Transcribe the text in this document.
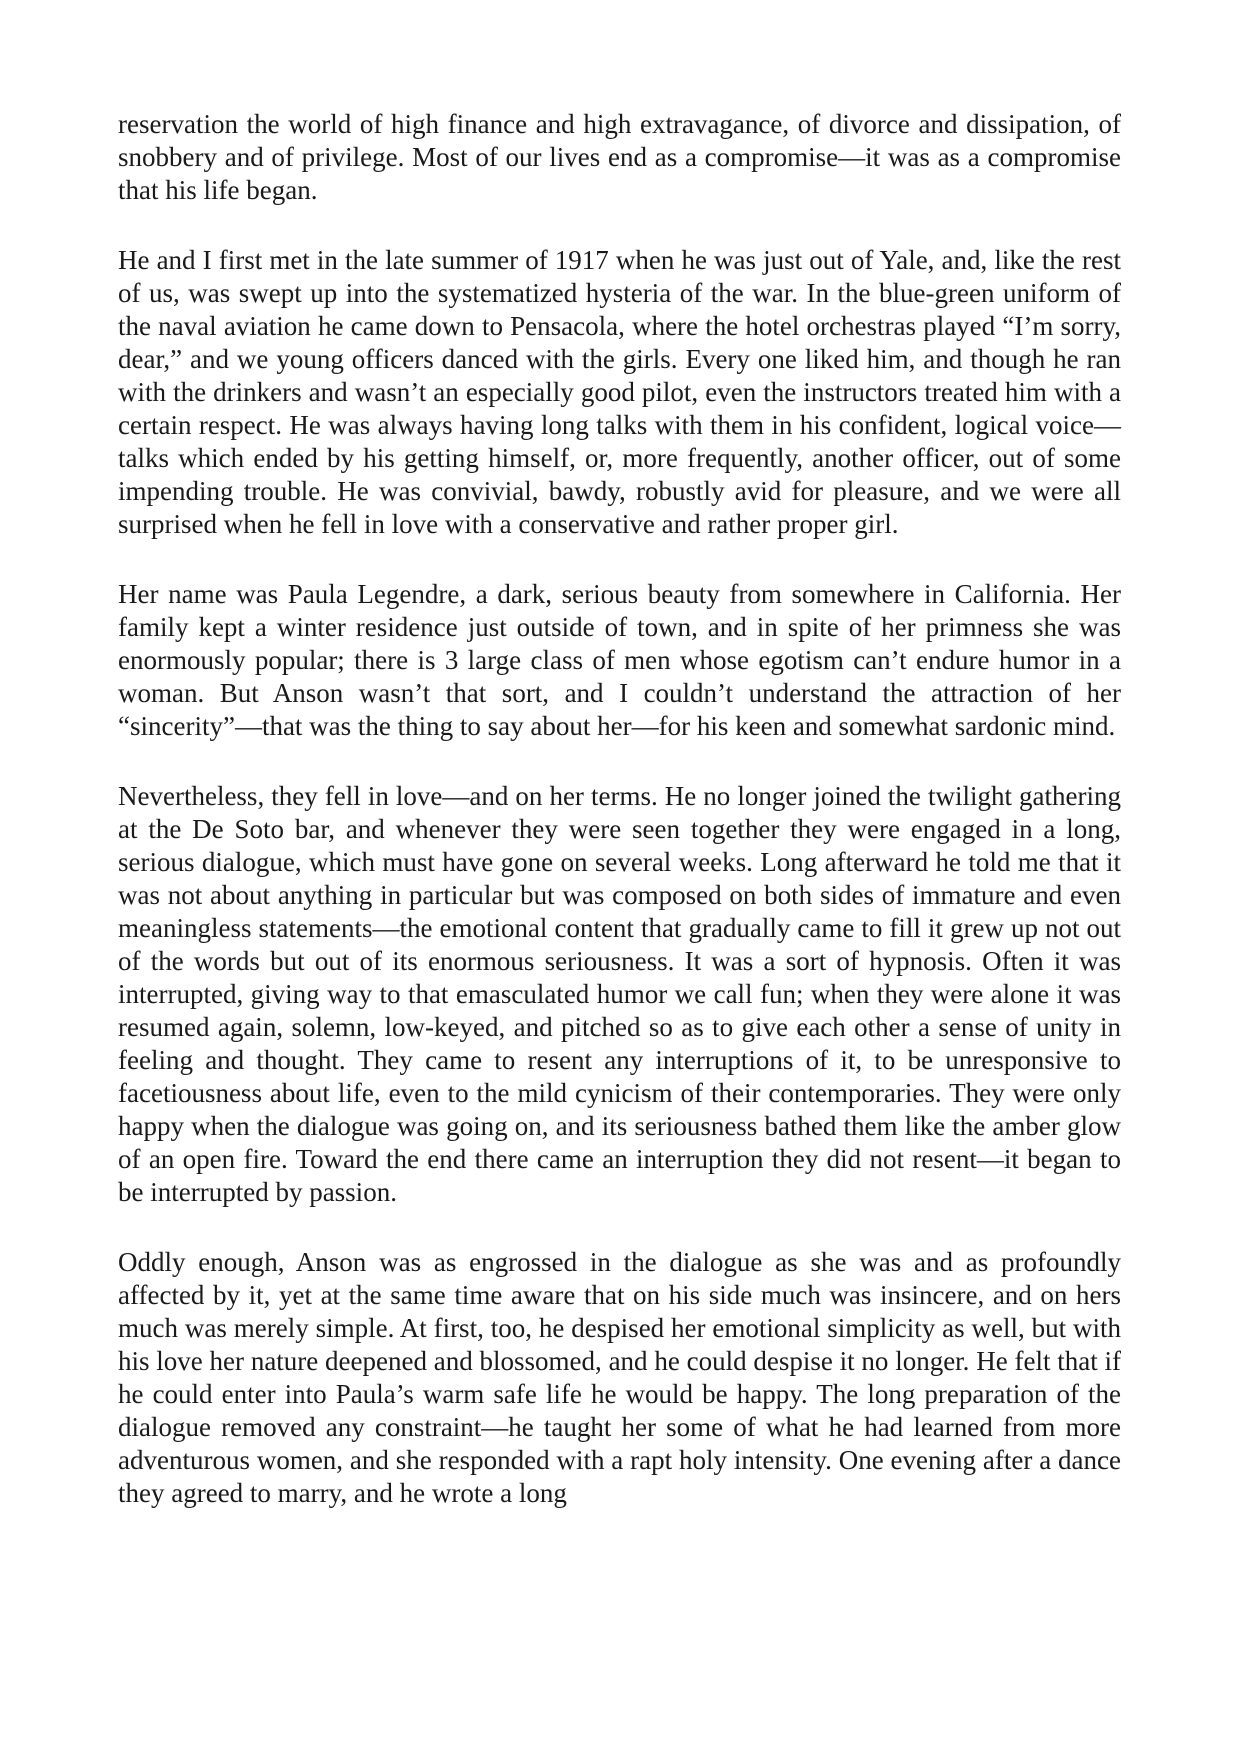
reservation the world of high finance and high extravagance, of divorce and dissipation, of snobbery and of privilege. Most of our lives end as a compromise—it was as a compromise that his life began.

He and I first met in the late summer of 1917 when he was just out of Yale, and, like the rest of us, was swept up into the systematized hysteria of the war. In the blue-green uniform of the naval aviation he came down to Pensacola, where the hotel orchestras played “I’m sorry, dear,” and we young officers danced with the girls. Every one liked him, and though he ran with the drinkers and wasn’t an especially good pilot, even the instructors treated him with a certain respect. He was always having long talks with them in his confident, logical voice—talks which ended by his getting himself, or, more frequently, another officer, out of some impending trouble. He was convivial, bawdy, robustly avid for pleasure, and we were all surprised when he fell in love with a conservative and rather proper girl.

Her name was Paula Legendre, a dark, serious beauty from somewhere in California. Her family kept a winter residence just outside of town, and in spite of her primness she was enormously popular; there is 3 large class of men whose egotism can’t endure humor in a woman. But Anson wasn’t that sort, and I couldn’t understand the attraction of her “sincerity”—that was the thing to say about her—for his keen and somewhat sardonic mind.

Nevertheless, they fell in love—and on her terms. He no longer joined the twilight gathering at the De Soto bar, and whenever they were seen together they were engaged in a long, serious dialogue, which must have gone on several weeks. Long afterward he told me that it was not about anything in particular but was composed on both sides of immature and even meaningless statements—the emotional content that gradually came to fill it grew up not out of the words but out of its enormous seriousness. It was a sort of hypnosis. Often it was interrupted, giving way to that emasculated humor we call fun; when they were alone it was resumed again, solemn, low-keyed, and pitched so as to give each other a sense of unity in feeling and thought. They came to resent any interruptions of it, to be unresponsive to facetiousness about life, even to the mild cynicism of their contemporaries. They were only happy when the dialogue was going on, and its seriousness bathed them like the amber glow of an open fire. Toward the end there came an interruption they did not resent—it began to be interrupted by passion.

Oddly enough, Anson was as engrossed in the dialogue as she was and as profoundly affected by it, yet at the same time aware that on his side much was insincere, and on hers much was merely simple. At first, too, he despised her emotional simplicity as well, but with his love her nature deepened and blossomed, and he could despise it no longer. He felt that if he could enter into Paula’s warm safe life he would be happy. The long preparation of the dialogue removed any constraint—he taught her some of what he had learned from more adventurous women, and she responded with a rapt holy intensity. One evening after a dance they agreed to marry, and he wrote a long
